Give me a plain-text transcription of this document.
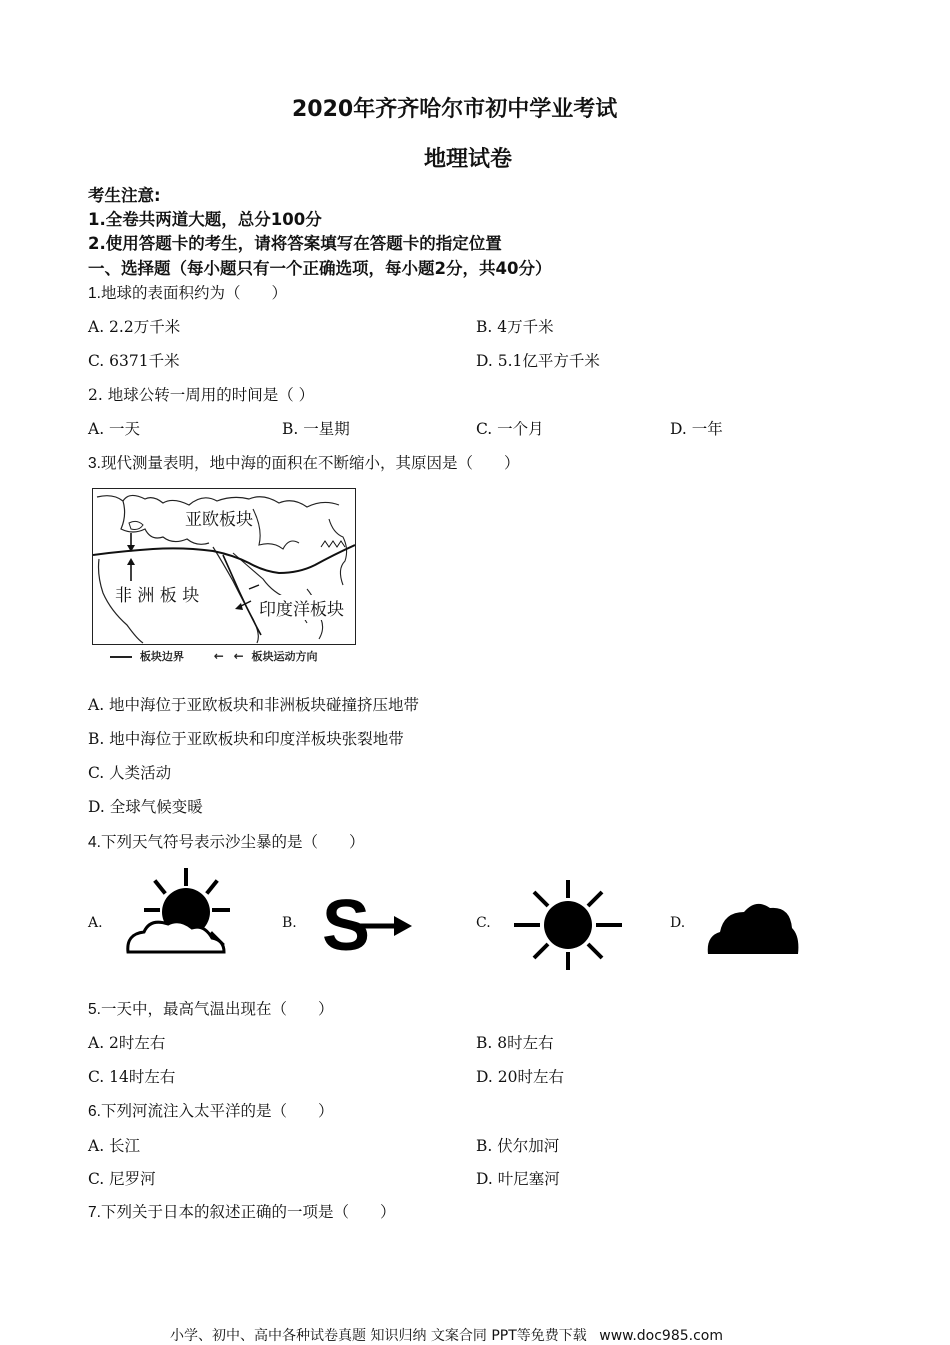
2020年齐齐哈尔市初中学业考试
地理试卷
考生注意:
1.全卷共两道大题，总分100分
2.使用答题卡的考生，请将答案填写在答题卡的指定位置
一、选择题（每小题只有一个正确选项，每小题2分，共40分）
1.地球的表面积约为（　　）
A. 2.2万千米	B. 4万千米
C. 6371千米	D. 5.1亿平方千米
2. 地球公转一周用的时间是（ ）
A. 一天	B. 一星期	C. 一个月	D. 一年
3.现代测量表明，地中海的面积在不断缩小，其原因是（　　）
亚欧板块
非 洲 板 块
印度洋板块
板块边界 ← ← 板块运动方向
A. 地中海位于亚欧板块和非洲板块碰撞挤压地带
B. 地中海位于亚欧板块和印度洋板块张裂地带
C. 人类活动
D. 全球气候变暖
4.下列天气符号表示沙尘暴的是（　　）
A.	B. S	C.	D.
5.一天中，最高气温出现在（　　）
A. 2时左右	B. 8时左右
C. 14时左右	D. 20时左右
6.下列河流注入太平洋的是（　　）
A. 长江	B. 伏尔加河
C. 尼罗河	D. 叶尼塞河
7.下列关于日本的叙述正确的一项是（　　）
小学、初中、高中各种试卷真题 知识归纳 文案合同 PPT等免费下载 www.doc985.com
